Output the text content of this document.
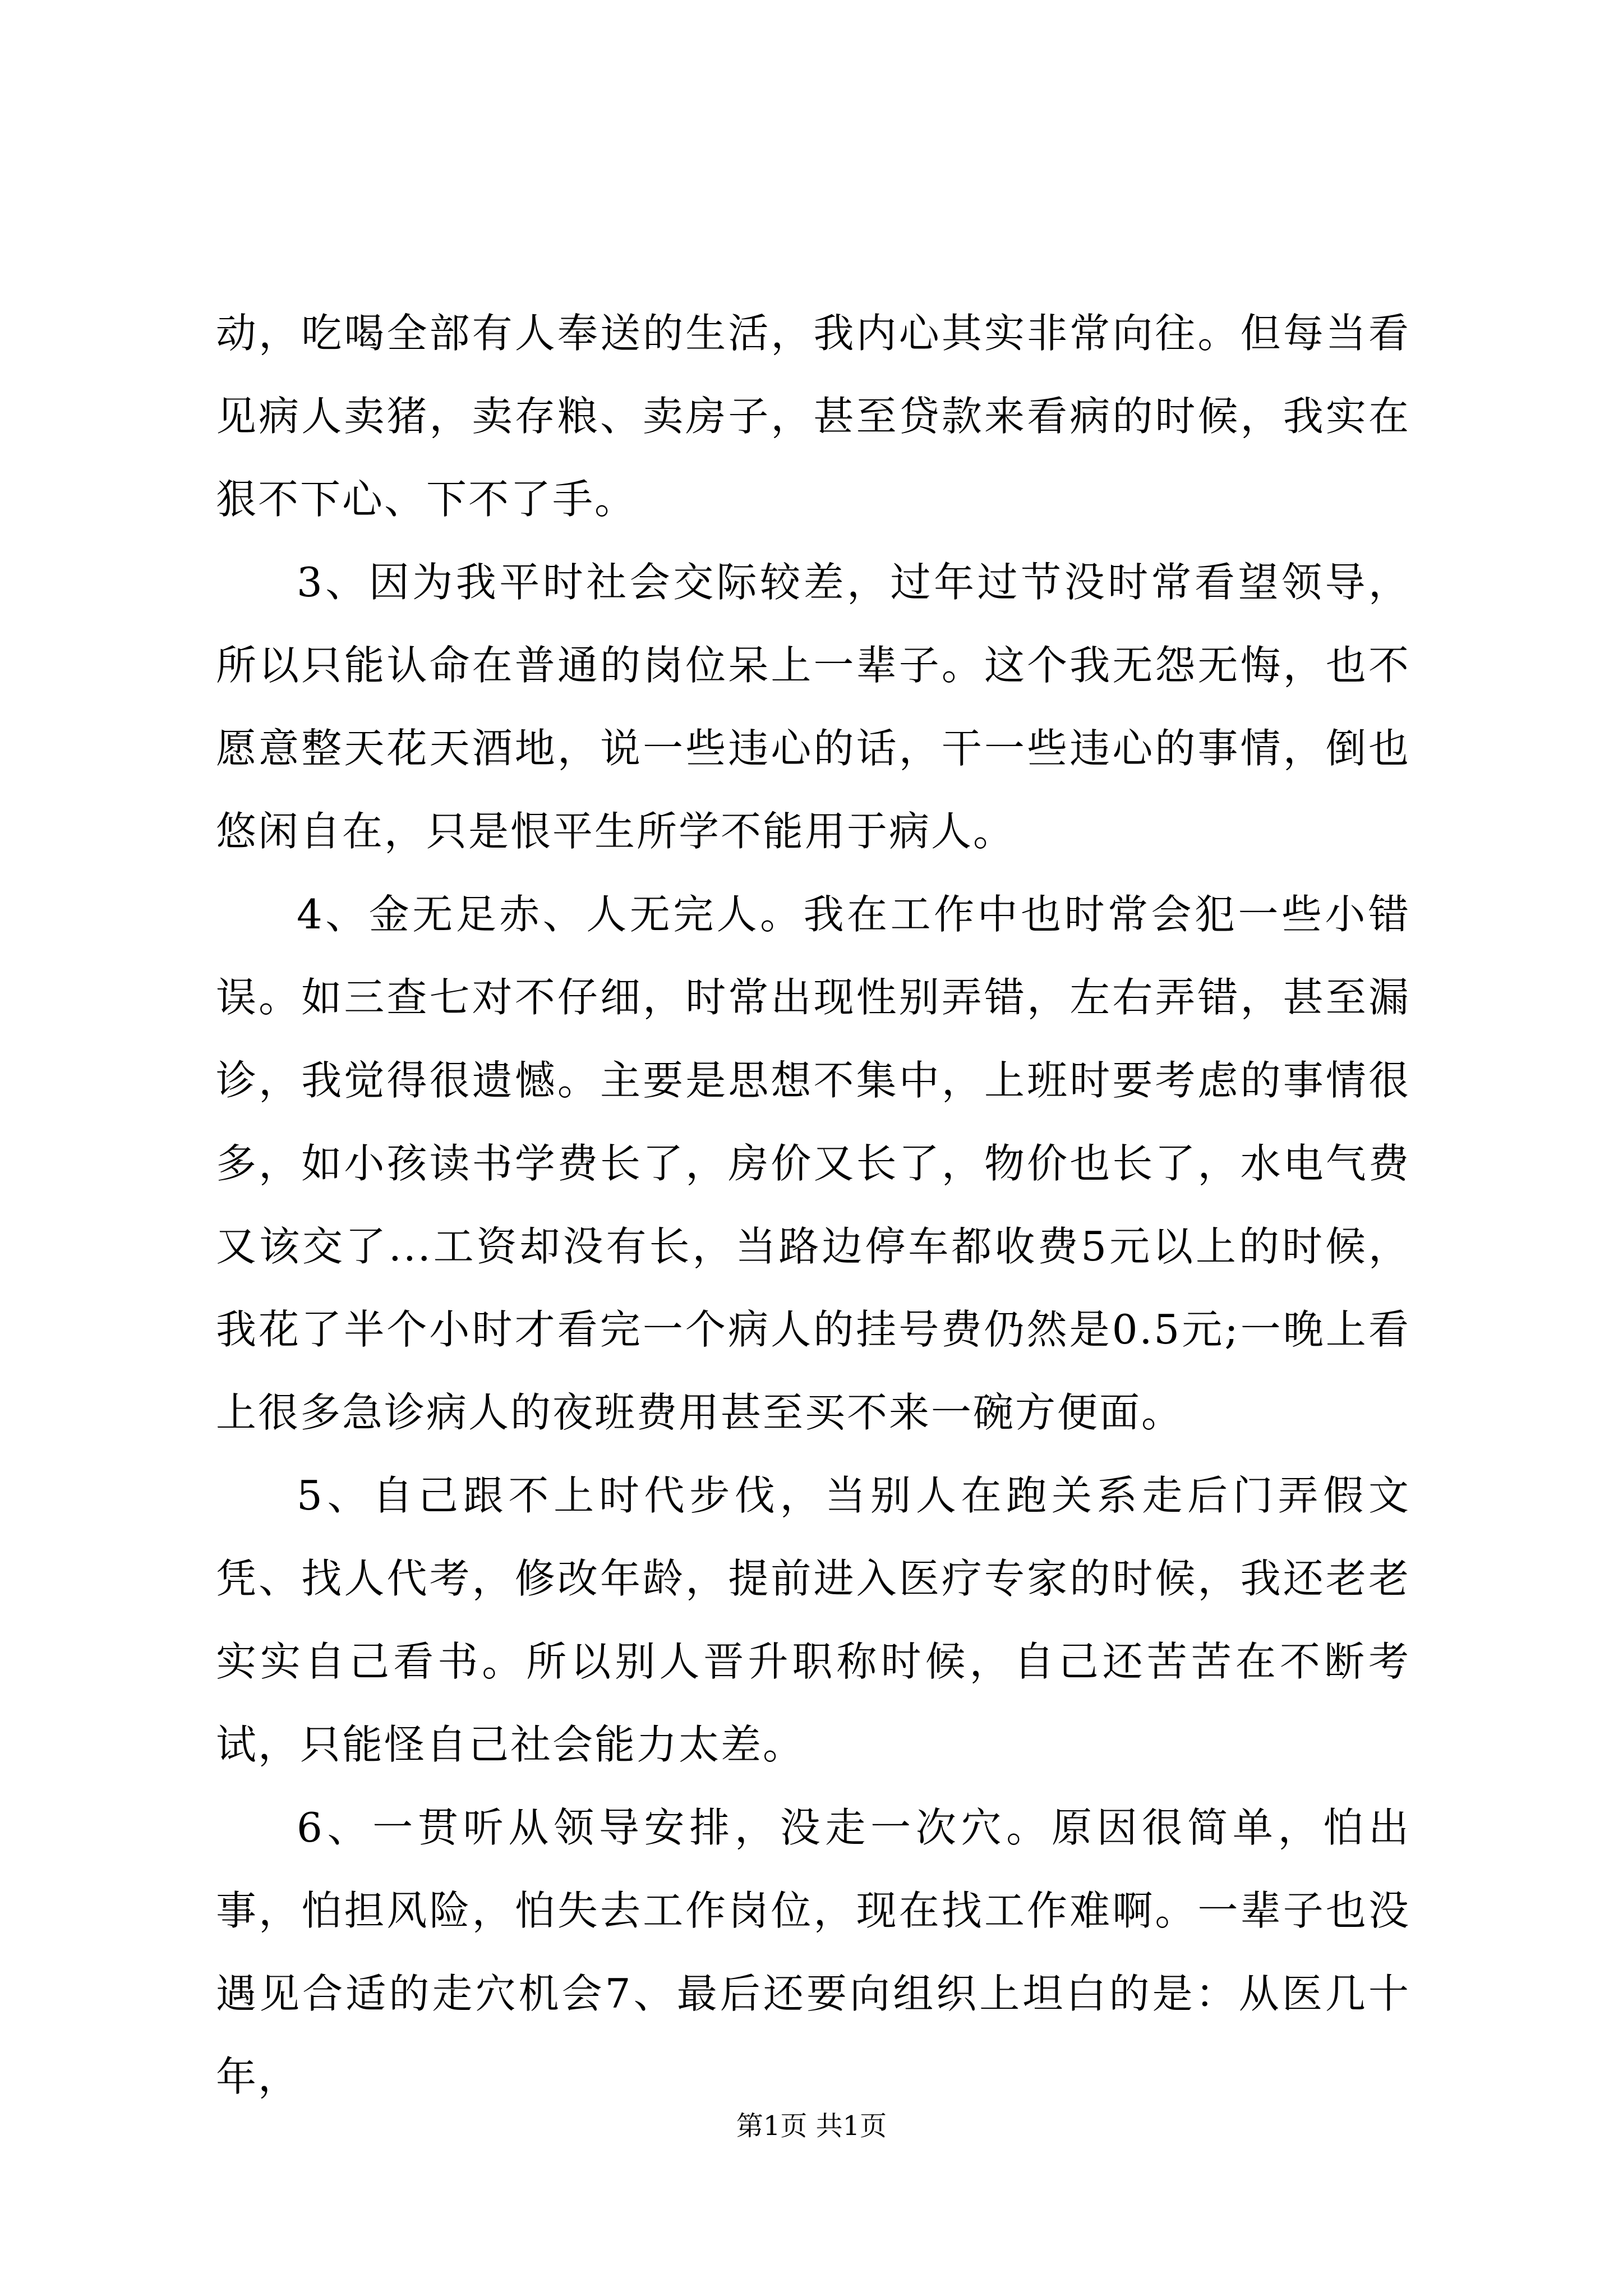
动，吃喝全部有人奉送的生活，我内心其实非常向往。但每当看见病人卖猪，卖存粮、卖房子，甚至贷款来看病的时候，我实在狠不下心、下不了手。

3、因为我平时社会交际较差，过年过节没时常看望领导，所以只能认命在普通的岗位呆上一辈子。这个我无怨无悔，也不愿意整天花天酒地，说一些违心的话，干一些违心的事情，倒也悠闲自在，只是恨平生所学不能用于病人。

4、金无足赤、人无完人。我在工作中也时常会犯一些小错误。如三查七对不仔细，时常出现性别弄错，左右弄错，甚至漏诊，我觉得很遗憾。主要是思想不集中，上班时要考虑的事情很多，如小孩读书学费长了，房价又长了，物价也长了，水电气费又该交了...工资却没有长，当路边停车都收费5元以上的时候，我花了半个小时才看完一个病人的挂号费仍然是0.5元;一晚上看上很多急诊病人的夜班费用甚至买不来一碗方便面。

5、自己跟不上时代步伐，当别人在跑关系走后门弄假文凭、找人代考，修改年龄，提前进入医疗专家的时候，我还老老实实自己看书。所以别人晋升职称时候，自己还苦苦在不断考试，只能怪自己社会能力太差。

6、一贯听从领导安排，没走一次穴。原因很简单，怕出事，怕担风险，怕失去工作岗位，现在找工作难啊。一辈子也没遇见合适的走穴机会7、最后还要向组织上坦白的是：从医几十年，

第1页 共1页
